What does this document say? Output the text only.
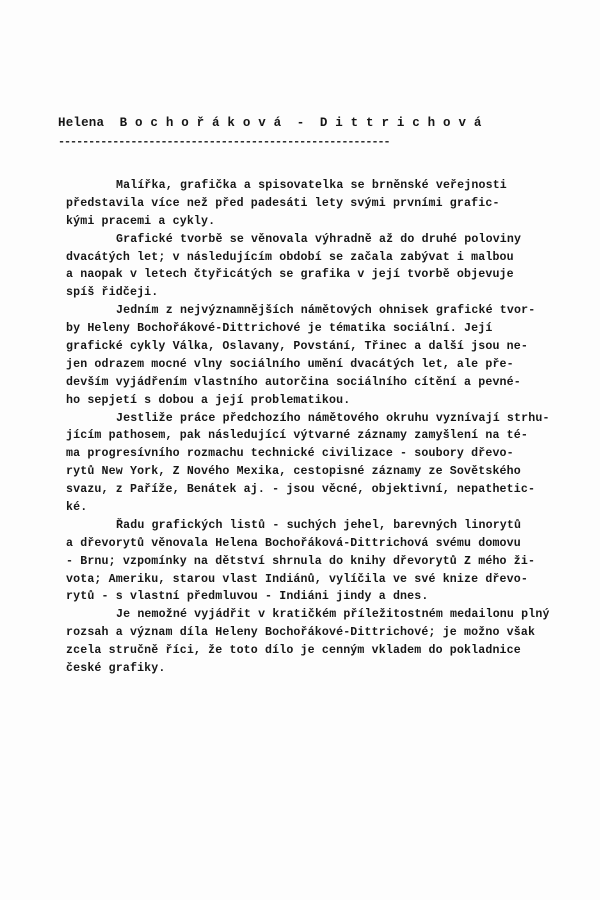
Helena  B o c h o ř á k o v á  -  D i t t r i c h o v á
-------------------------------------------------------
Malířka, grafička a spisovatelka se brněnské veřejnosti
představila více než před padesáti lety svými prvními grafic-
kými pracemi a cykly.
Grafické tvorbě se věnovala výhradně až do druhé poloviny
dvacátých let; v následujícím období se začala zabývat i malbou
a naopak v letech čtyřicátých se grafika v její tvorbě objevuje
spíš řidčeji.
Jedním z nejvýznamnějších námětových ohnisek grafické tvor-
by Heleny Bochořákové-Dittrichové je tématika sociální. Její
grafické cykly Válka, Oslavany, Povstání, Třinec a další jsou ne-
jen odrazem mocné vlny sociálního umění dvacátých let, ale pře-
devším vyjádřením vlastního autorčina sociálního cítění a pevné-
ho sepjetí s dobou a její problematikou.
Jestliže práce předchozího námětového okruhu vyznívají strhu-
jícím pathosem, pak následující výtvarné záznamy zamyšlení na té-
ma progresívního rozmachu technické civilizace - soubory dřevo-
rytů New York, Z Nového Mexika, cestopisné záznamy ze Sovětského
svazu, z Paříže, Benátek aj. - jsou věcné, objektivní, nepathetic-
ké.
Řadu grafických listů - suchých jehel, barevných linorytů
a dřevorytů věnovala Helena Bochořáková-Dittrichová svému domovu
- Brnu; vzpomínky na dětství shrnula do knihy dřevorytů Z mého ži-
vota; Ameriku, starou vlast Indiánů, vylíčila ve své knize dřevo-
rytů - s vlastní předmluvou - Indiáni jindy a dnes.
Je nemožné vyjádřit v kratičkém příležitostném medailonu plný
rozsah a význam díla Heleny Bochořákové-Dittrichové; je možno však
zcela stručně říci, že toto dílo je cenným vkladem do pokladnice
české grafiky.
